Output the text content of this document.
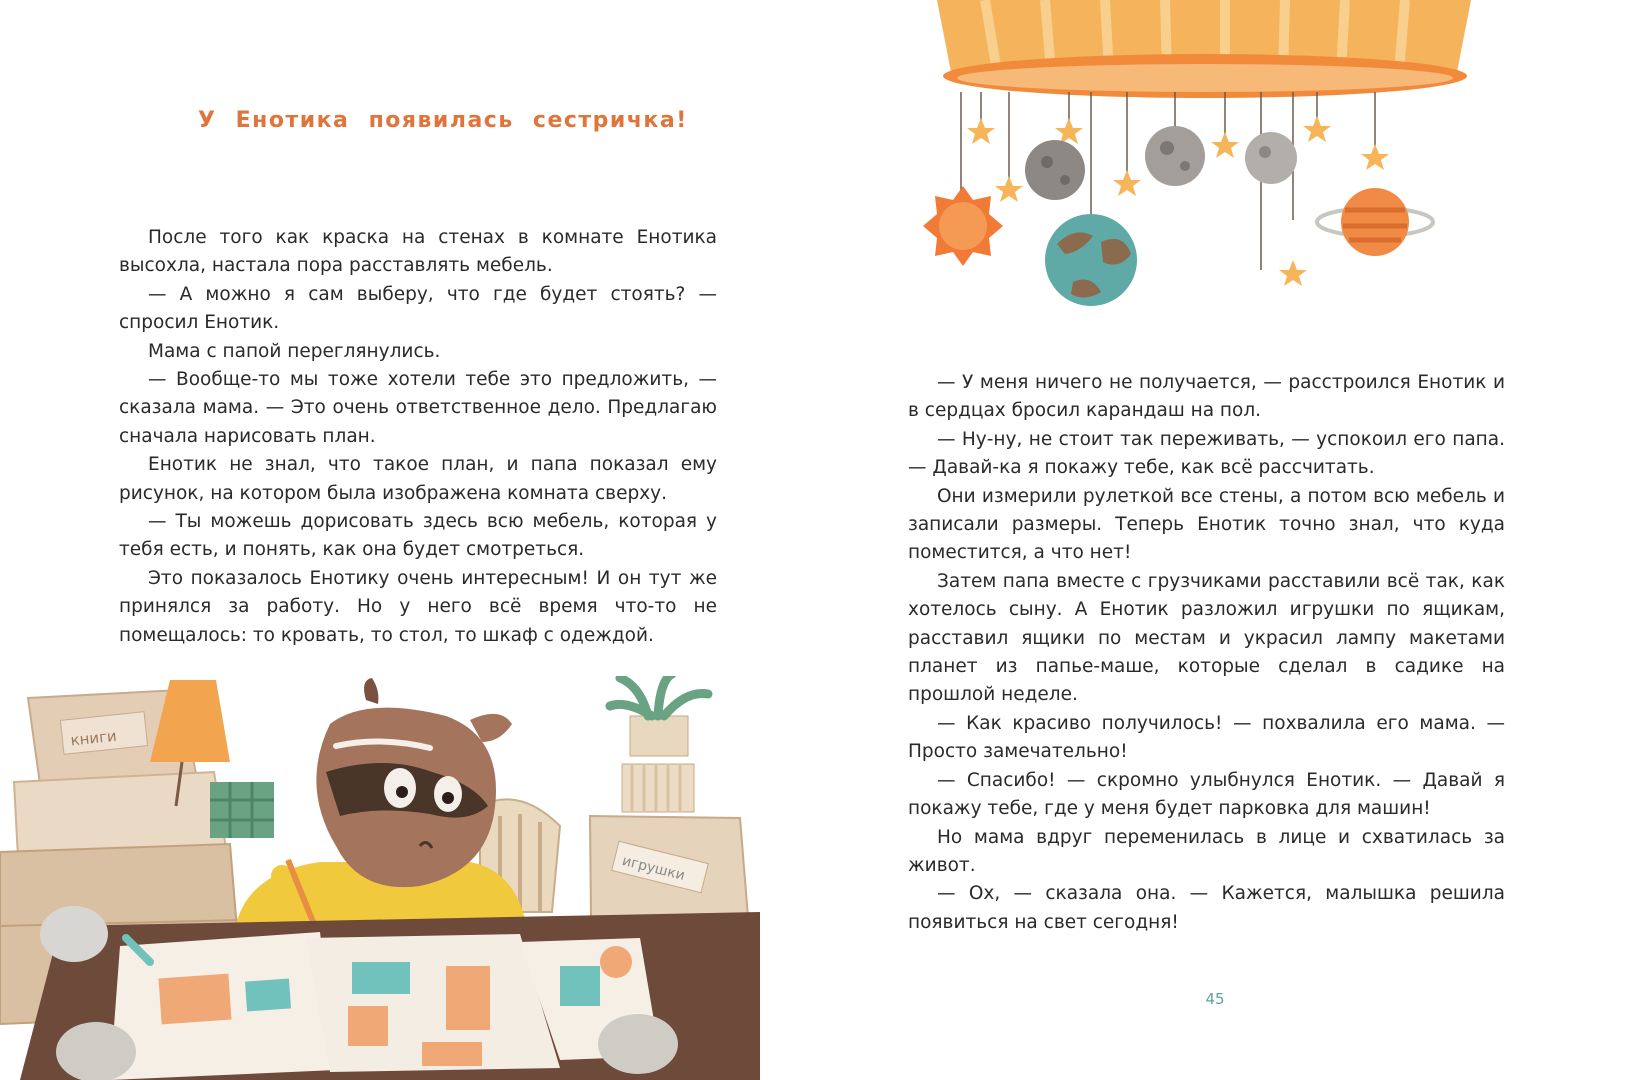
У Енотика появилась сестричка!

После того как краска на стенах в комнате Енотика высохла, настала пора расставлять мебель.

— А можно я сам выберу, что где будет стоять? — спросил Енотик.

Мама с папой переглянулись.

— Вообще-то мы тоже хотели тебе это предложить, — сказала мама. — Это очень ответственное дело. Предлагаю сначала нарисовать план.

Енотик не знал, что такое план, и папа показал ему рисунок, на котором была изображена комната сверху.

— Ты можешь дорисовать здесь всю мебель, которая у тебя есть, и понять, как она будет смотреться.

Это показалось Енотику очень интересным! И он тут же принялся за работу. Но у него всё время что-то не помещалось: то кровать, то стол, то шкаф с одеждой.

книги
игрушки

— У меня ничего не получается, — расстроился Енотик и в сердцах бросил карандаш на пол.

— Ну-ну, не стоит так переживать, — успокоил его папа. — Давай-ка я покажу тебе, как всё рассчитать.

Они измерили рулеткой все стены, а потом всю мебель и записали размеры. Теперь Енотик точно знал, что куда поместится, а что нет!

Затем папа вместе с грузчиками расставили всё так, как хотелось сыну. А Енотик разложил игрушки по ящикам, расставил ящики по местам и украсил лампу макетами планет из папье-маше, которые сделал в садике на прошлой неделе.

— Как красиво получилось! — похвалила его мама. — Просто замечательно!

— Спасибо! — скромно улыбнулся Енотик. — Давай я покажу тебе, где у меня будет парковка для машин!

Но мама вдруг переменилась в лице и схватилась за живот.

— Ох, — сказала она. — Кажется, малышка решила появиться на свет сегодня!

45
